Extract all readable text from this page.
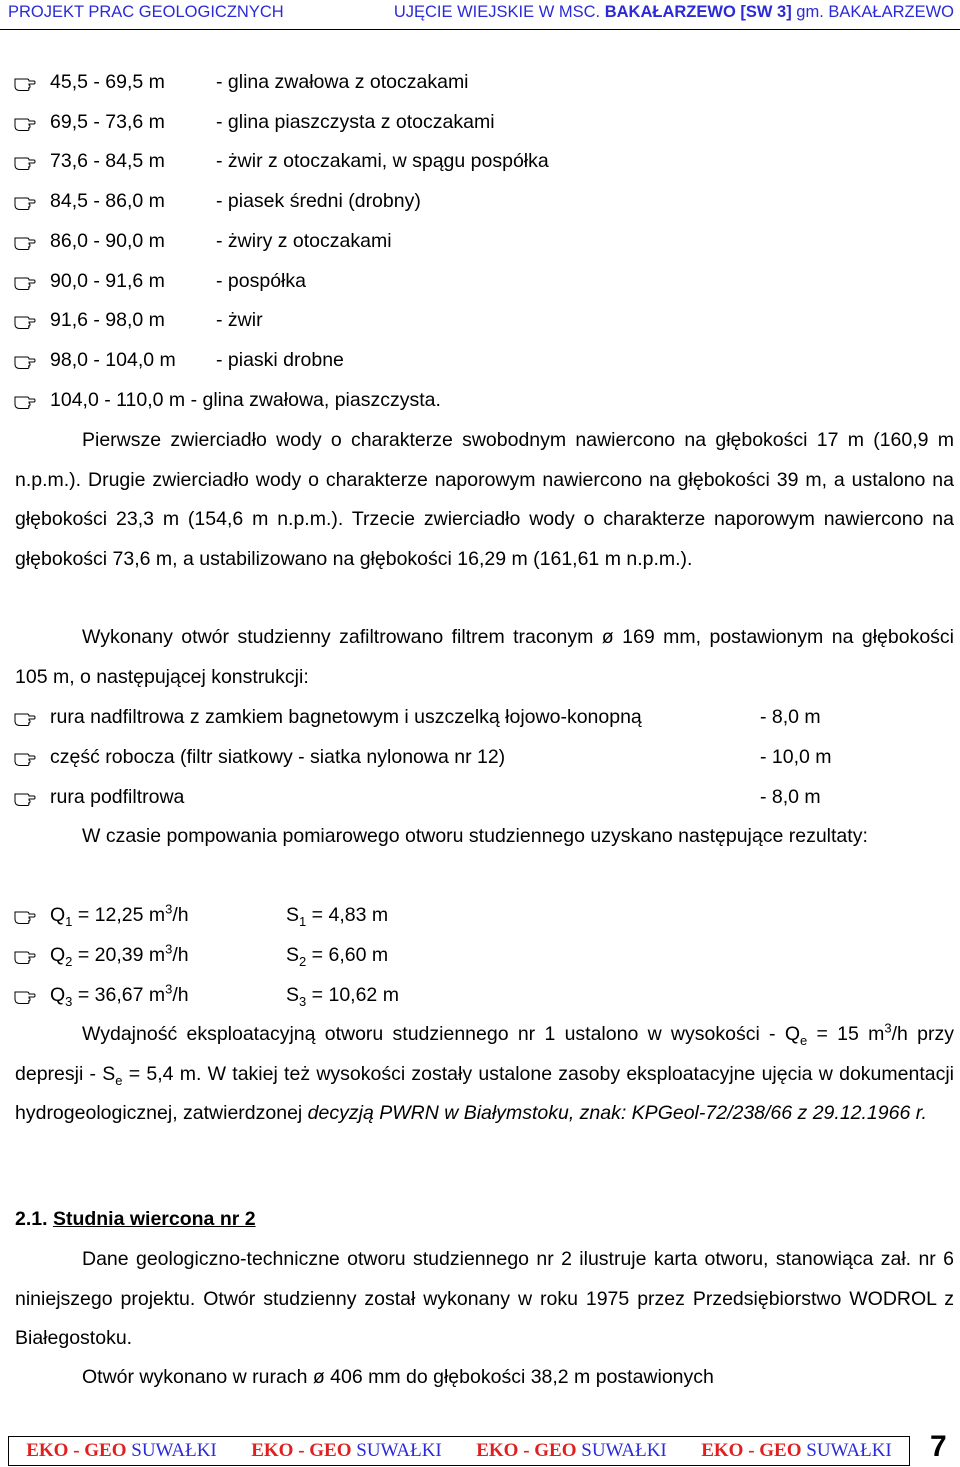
PROJEKT PRAC GEOLOGICZNYCH	UJĘCIE WIEJSKIE W MSC. BAKAŁARZEWO [SW 3] gm. BAKAŁARZEWO
45,5 - 69,5 m	- glina zwałowa z otoczakami
69,5 - 73,6 m	- glina piaszczysta z otoczakami
73,6 - 84,5 m	- żwir z otoczakami, w spągu pospółka
84,5 - 86,0 m	- piasek średni (drobny)
86,0 - 90,0 m	- żwiry z otoczakami
90,0 - 91,6 m	- pospółka
91,6 - 98,0 m	- żwir
98,0 - 104,0 m - piaski drobne
104,0 - 110,0 m - glina zwałowa, piaszczysta.

Pierwsze zwierciadło wody o charakterze swobodnym nawiercono na głębokości 17 m (160,9 m n.p.m.). Drugie zwierciadło wody o charakterze naporowym nawiercono na głębokości 39 m, a ustalono na głębokości 23,3 m (154,6 m n.p.m.). Trzecie zwierciadło wody o charakterze naporowym nawiercono na głębokości 73,6 m, a ustabilizowano na głębokości 16,29 m (161,61 m n.p.m.).

Wykonany otwór studzienny zafiltrowano filtrem traconym ø 169 mm, postawionym na głębokości 105 m, o następującej konstrukcji:

rura nadfiltrowa z zamkiem bagnetowym i uszczelką łojowo-konopną	- 8,0 m
część robocza (filtr siatkowy - siatka nylonowa nr 12)	- 10,0 m
rura podfiltrowa	- 8,0 m

W czasie pompowania pomiarowego otworu studziennego uzyskano następujące rezultaty:

$Q_1 = 12,25$ $m^3/h$	$S_1 = 4,83$ m
$Q_2 = 20,39$ $m^3/h$	$S_2 = 6,60$ m
$Q_3 = 36,67$ $m^3/h$	$S_3 = 10,62$ m

Wydajność eksploatacyjną otworu studziennego nr 1 ustalono w wysokości - $Q_e = 15$ $m^3/h$ przy depresji - $S_e = 5,4$ m. W takiej też wysokości zostały ustalone zasoby eksploatacyjne ujęcia w dokumentacji hydrogeologicznej, zatwierdzonej decyzją PWRN w Białymstoku, znak: KPGeol-72/238/66 z 29.12.1966 r.

2.1. Studnia wiercona nr 2

Dane geologiczno-techniczne otworu studziennego nr 2 ilustruje karta otworu, stanowiąca zał. nr 6 niniejszego projektu. Otwór studzienny został wykonany w roku 1975 przez Przedsiębiorstwo WODROL z Białegostoku.

Otwór wykonano w rurach ø 406 mm do głębokości 38,2 m postawionych

EKO - GEO SUWAŁKI EKO - GEO SUWAŁKI EKO - GEO SUWAŁKI EKO - GEO SUWAŁKI 7
